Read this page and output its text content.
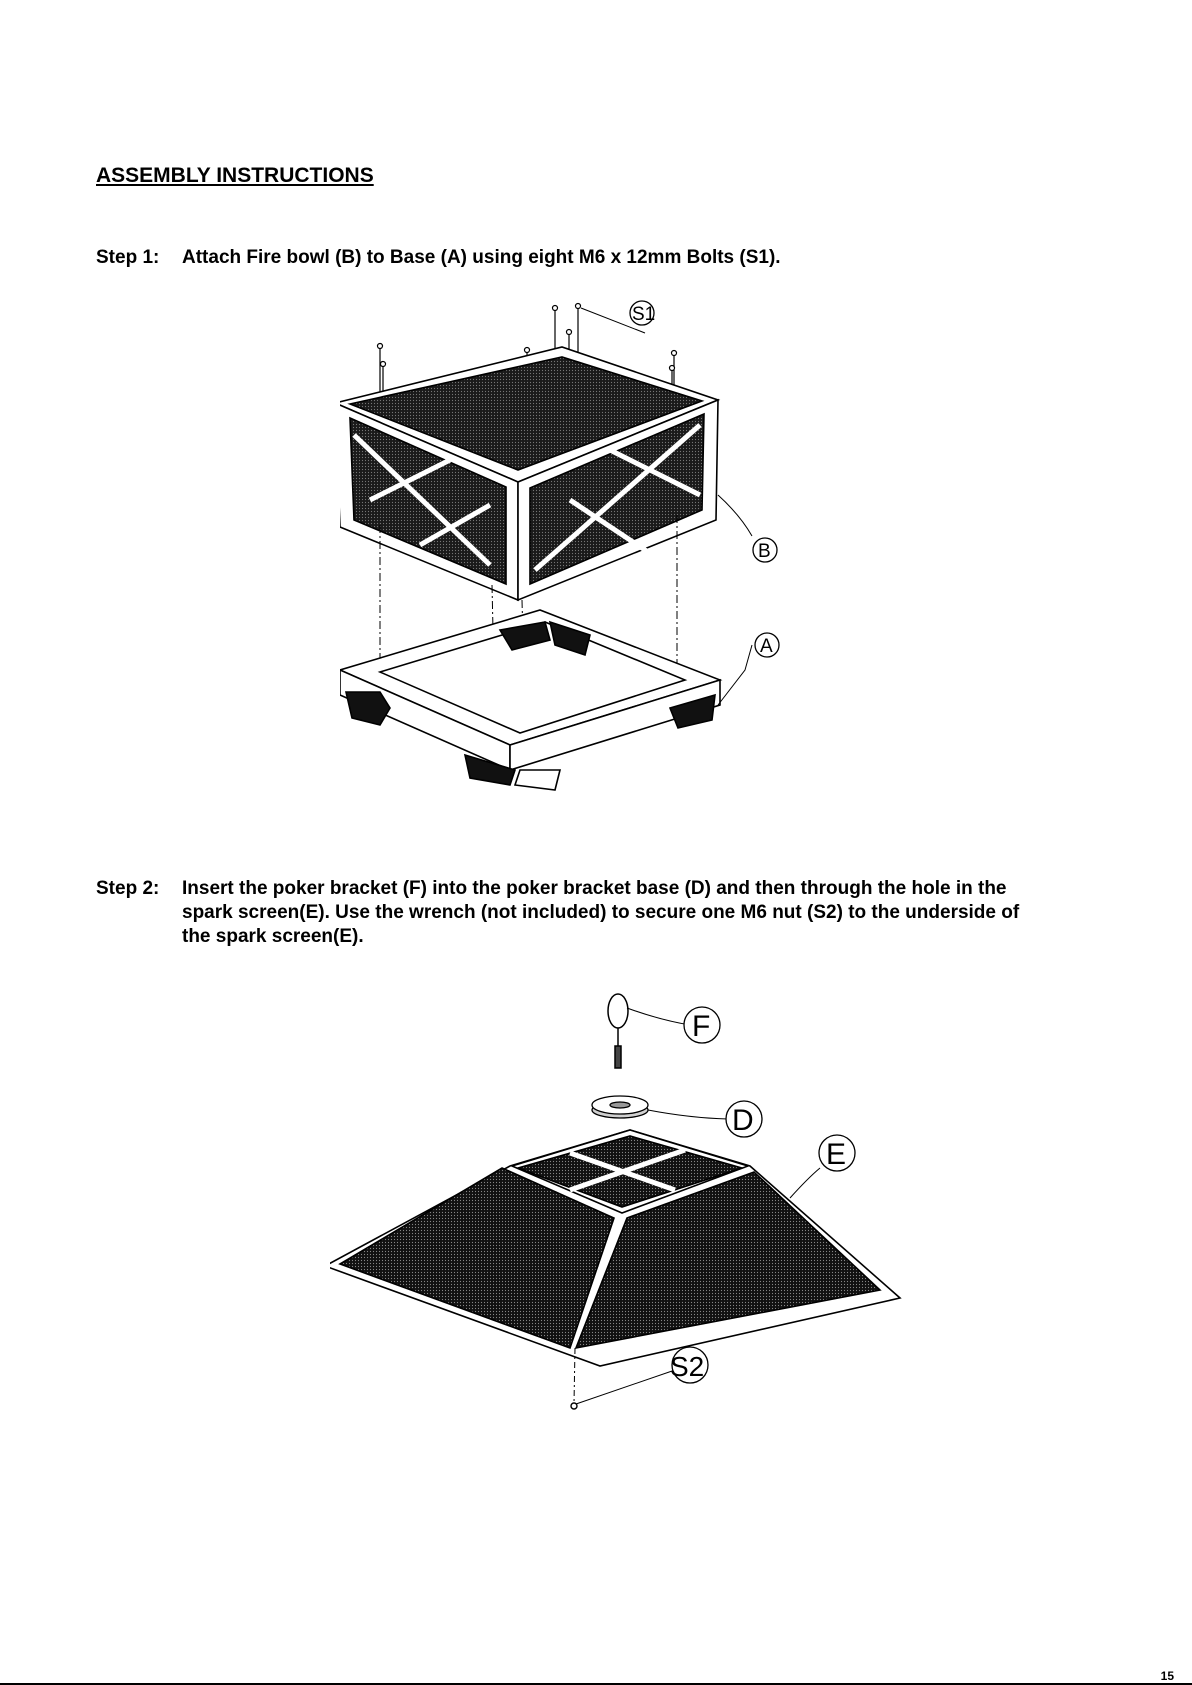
ASSEMBLY INSTRUCTIONS
Step 1: Attach Fire bowl (B) to Base (A) using eight M6 x 12mm Bolts (S1).
S1
B
A
Step 2: Insert the poker bracket (F) into the poker bracket base (D) and then through the hole in the
spark screen(E). Use the wrench (not included) to secure one M6 nut (S2) to the underside of
the spark screen(E).
F
D
E
S2
15
